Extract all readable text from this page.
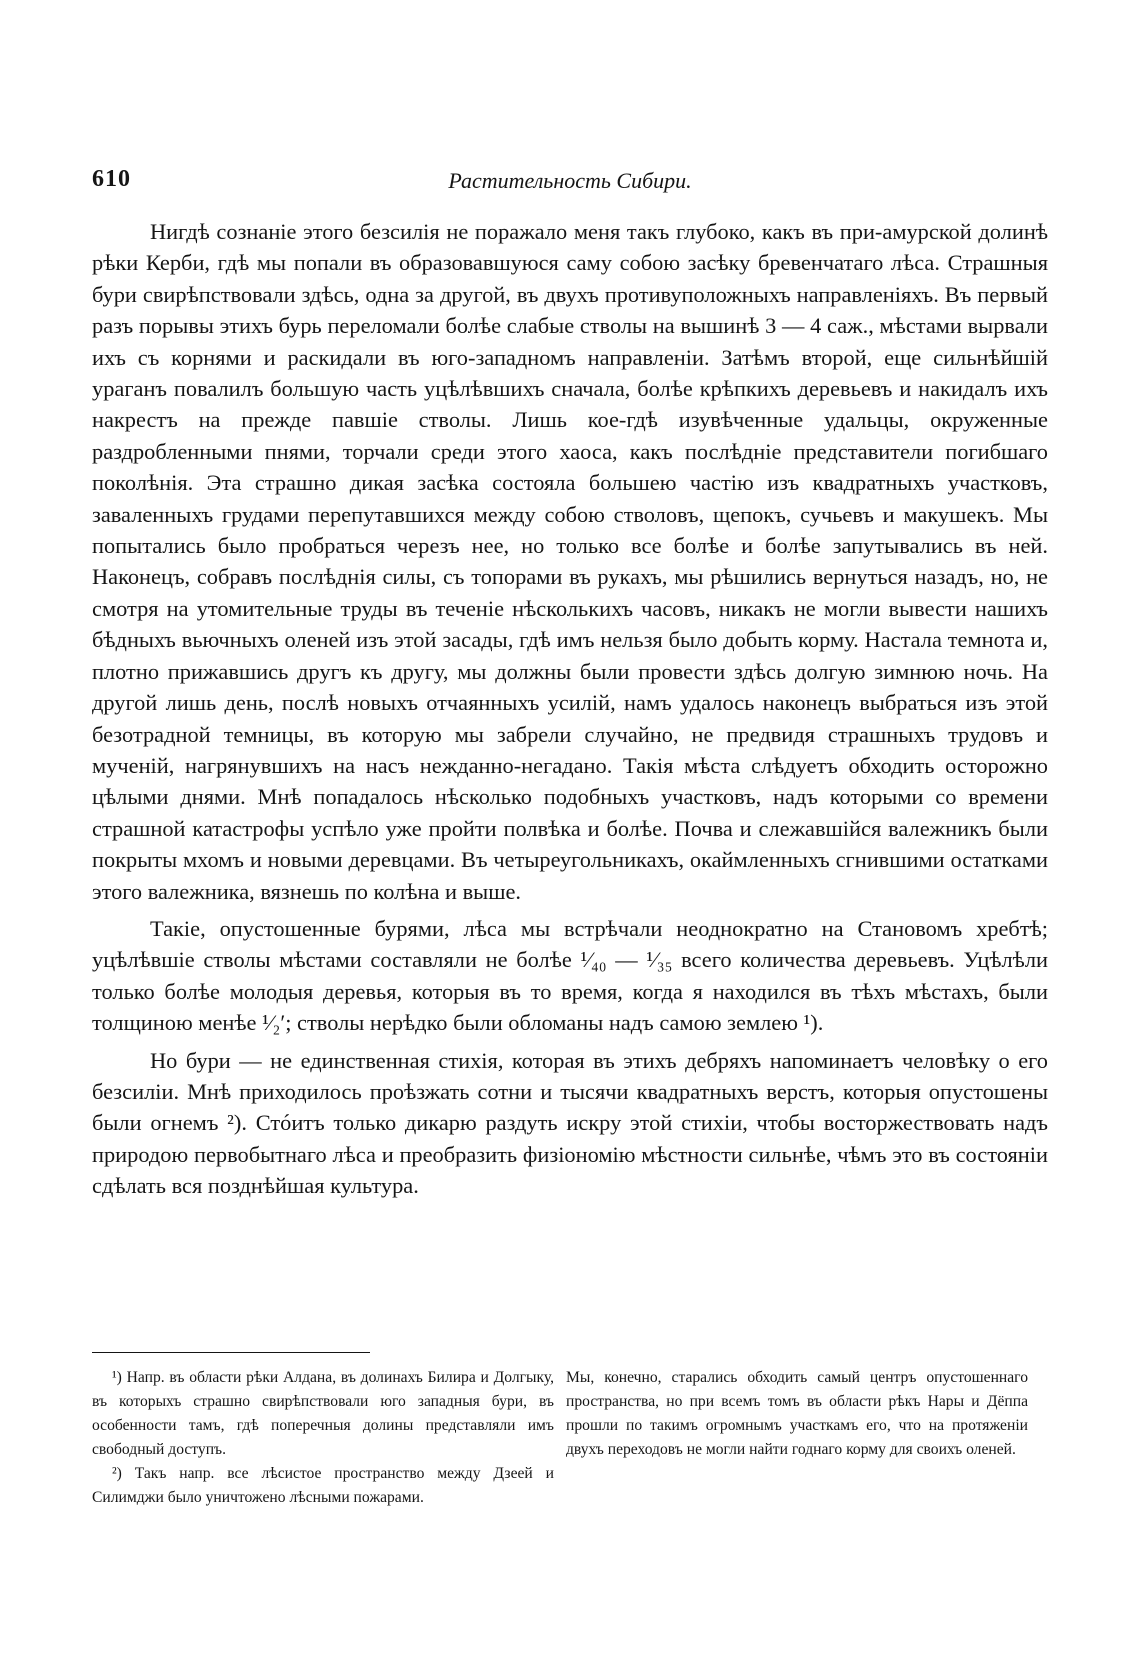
610	Растительность Сибири.

Нигдѣ сознаніе этого безсилія не поражало меня такъ глубоко, какъ въ при-амурской долинѣ рѣки Керби, гдѣ мы попали въ образовавшуюся саму собою засѣку бревенчатаго лѣса. Страшныя бури свирѣпствовали здѣсь, одна за другой, въ двухъ противуположныхъ направленіяхъ. Въ первый разъ порывы этихъ бурь переломали болѣе слабые стволы на вышинѣ 3 — 4 саж., мѣстами вырвали ихъ съ корнями и раскидали въ юго-западномъ направленіи. Затѣмъ второй, еще сильнѣйшій ураганъ повалилъ большую часть уцѣлѣвшихъ сначала, болѣе крѣпкихъ деревьевъ и накидалъ ихъ накрестъ на прежде павшіе стволы. Лишь кое-гдѣ изувѣченные удальцы, окруженные раздробленными пнями, торчали среди этого хаоса, какъ послѣдніе представители погибшаго поколѣнія. Эта страшно дикая засѣка состояла большею частію изъ квадратныхъ участковъ, заваленныхъ грудами перепутавшихся между собою стволовъ, щепокъ, сучьевъ и макушекъ. Мы попытались было пробраться черезъ нее, но только все болѣе и болѣе запутывались въ ней. Наконецъ, собравъ послѣднія силы, съ топорами въ рукахъ, мы рѣшились вернуться назадъ, но, не смотря на утомительные труды въ теченіе нѣсколькихъ часовъ, никакъ не могли вывести нашихъ бѣдныхъ вьючныхъ оленей изъ этой засады, гдѣ имъ нельзя было добыть корму. Настала темнота и, плотно прижавшись другъ къ другу, мы должны были провести здѣсь долгую зимнюю ночь. На другой лишь день, послѣ новыхъ отчаянныхъ усилій, намъ удалось наконецъ выбраться изъ этой безотрадной темницы, въ которую мы забрели случайно, не предвидя страшныхъ трудовъ и мученій, нагрянувшихъ на насъ нежданно-негадано. Такія мѣста слѣдуетъ обходить осторожно цѣлыми днями. Мнѣ попадалось нѣсколько подобныхъ участковъ, надъ которыми со времени страшной катастрофы успѣло уже пройти полвѣка и болѣе. Почва и слежавшійся валежникъ были покрыты мхомъ и новыми деревцами. Въ четыреугольникахъ, окаймленныхъ сгнившими остатками этого валежника, вязнешь по колѣна и выше.

Такіе, опустошенные бурями, лѣса мы встрѣчали неоднократно на Становомъ хребтѣ; уцѣлѣвшіе стволы мѣстами составляли не болѣе ¹⁄₄₀ — ¹⁄₃₅ всего количества деревьевъ. Уцѣлѣли только болѣе молодыя деревья, которыя въ то время, когда я находился въ тѣхъ мѣстахъ, были толщиною менѣе ¹⁄₂′; стволы нерѣдко были обломаны надъ самою землею ¹).

Но бури — не единственная стихія, которая въ этихъ дебряхъ напоминаетъ человѣку о его безсиліи. Мнѣ приходилось проѣзжать сотни и тысячи квадратныхъ верстъ, которыя опустошены были огнемъ ²). Стóитъ только дикарю раздуть искру этой стихіи, чтобы восторжествовать надъ природою первобытнаго лѣса и преобразить физіономію мѣстности сильнѣе, чѣмъ это въ состояніи сдѣлать вся позднѣйшая культура.

¹) Напр. въ области рѣки Алдана, въ долинахъ Билира и Долгыку, въ которыхъ страшно свирѣпствовали юго западныя бури, въ особенности тамъ, гдѣ поперечныя долины представляли имъ свободный доступъ.

²) Такъ напр. все лѣсистое пространство между Дзеей и Силимджи было уничтожено лѣсными пожарами.

Мы, конечно, старались обходить самый центръ опустошеннаго пространства, но при всемъ томъ въ области рѣкъ Нары и Дёппа прошли по такимъ огромнымъ участкамъ его, что на протяженіи двухъ переходовъ не могли найти годнаго корму для своихъ оленей.
